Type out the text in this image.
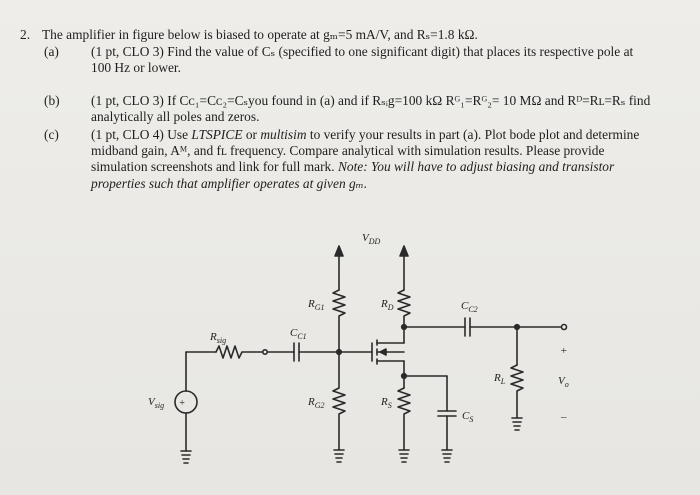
2. The amplifier in figure below is biased to operate at gₘ=5 mA/V, and Rₛ=1.8 kΩ.
(a) (1 pt, CLO 3) Find the value of Cₛ (specified to one significant digit) that places its respective pole at
100 Hz or lower.
(b) (1 pt, CLO 3) If Cᴄ₁=Cᴄ₂=Cₛyou found in (a) and if Rₛᵢg=100 kΩ Rᴳ₁=Rᴳ₂= 10 MΩ and Rᴰ=Rʟ=Rₛ find
analytically all poles and zeros.
(c) (1 pt, CLO 4) Use LTSPICE or multisim to verify your results in part (a). Plot bode plot and determine
midband gain, Aᴹ, and fʟ frequency. Compare analytical with simulation results. Please provide
simulation screenshots and link for full mark. Note: You will have to adjust biasing and transistor
properties such that amplifier operates at given gₘ.
$V_{DD}$
$V_{sig}$ +
$R_{sig}$
$C_{C1}$
$R_{G1}$
$R_{G2}$
$R_D$
$R_S$
$C_S$
$C_{C2}$
$R_L$
+
$V_o$
–
